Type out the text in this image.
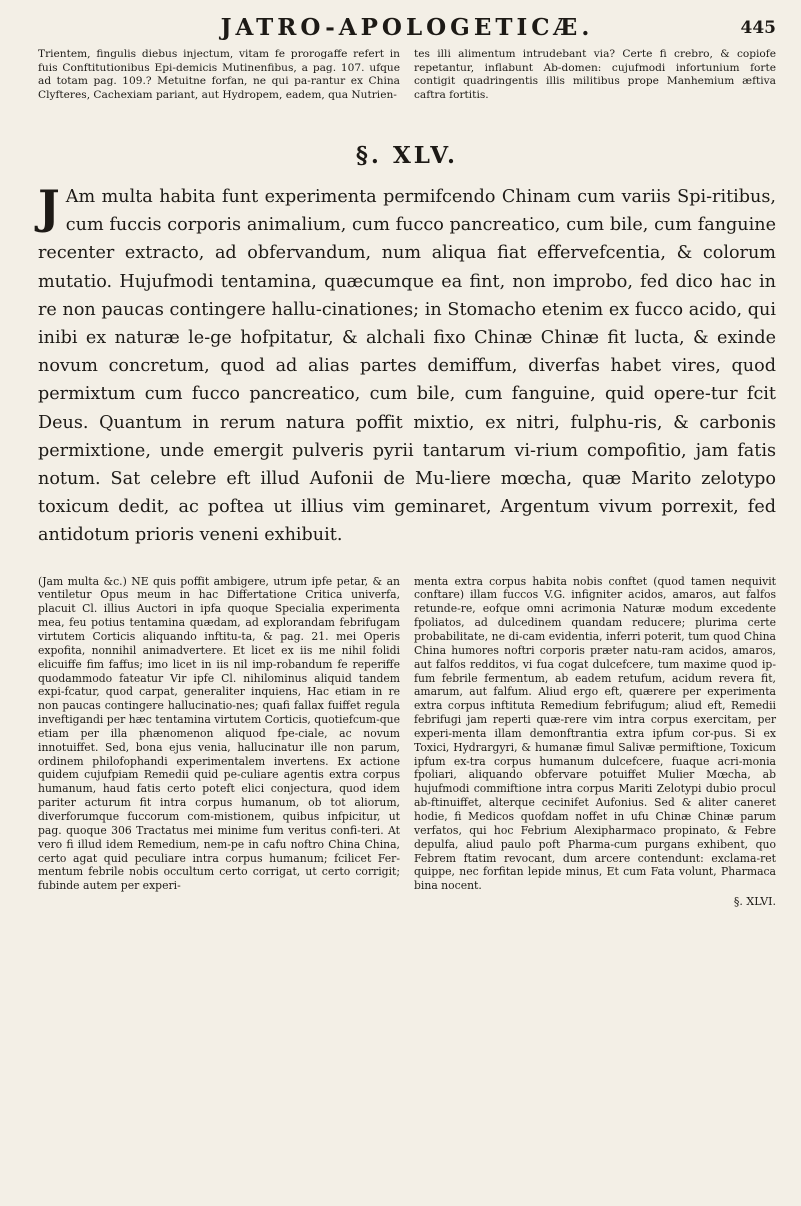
JATRO-APOLOGETICÆ.	445

Trientem, fingulis diebus injectum, vitam fe prorogaffe refert in fuis Conftitutionibus Epi-demicis Mutinenfibus, a pag. 107. ufque ad totam pag. 109.? Metuitne forfan, ne qui pa-rantur ex China Clyfteres, Cachexiam pariant, aut Hydropem, eadem, qua Nutrien-

tes illi alimentum intrudebant via? Certe fi crebro, & copiofe repetantur, inflabunt Ab-domen: cujufmodi infortunium forte contigit quadringentis illis militibus prope Manhemium æftiva caftra fortitis.

§. XLV.

J Am multa habita funt experimenta permifcendo Chinam cum variis Spi-ritibus, cum fuccis corporis animalium, cum fucco pancreatico, cum bile, cum fanguine recenter extracto, ad obfervandum, num aliqua fiat effervefcentia, & colorum mutatio. Hujufmodi tentamina, quæcumque ea fint, non improbo, fed dico hac in re non paucas contingere hallu-cinationes; in Stomacho etenim ex fucco acido, qui inibi ex naturæ le-ge hofpitatur, & alchali fixo Chinæ Chinæ fit lucta, & exinde novum concretum, quod ad alias partes demiffum, diverfas habet vires, quod permixtum cum fucco pancreatico, cum bile, cum fanguine, quid opere-tur fcit Deus. Quantum in rerum natura poffit mixtio, ex nitri, fulphu-ris, & carbonis permixtione, unde emergit pulveris pyrii tantarum vi-rium compofitio, jam fatis notum. Sat celebre eft illud Aufonii de Mu-liere mœcha, quæ Marito zelotypo toxicum dedit, ac poftea ut illius vim geminaret, Argentum vivum porrexit, fed antidotum prioris veneni exhibuit.

(Jam multa &c.) NE quis poffit ambigere, utrum ipfe petar, & an ventiletur Opus meum in hac Differtatione Critica univerfa, placuit Cl. illius Auctori in ipfa quoque Specialia experimenta mea, feu potius tentamina quædam, ad explorandam febrifugam virtutem Corticis aliquando inftitu-ta, & pag. 21. mei Operis expofita, nonnihil animadvertere. Et licet ex iis me nihil folidi elicuiffe fim faffus; imo licet in iis nil imp-robandum fe reperiffe quodammodo fateatur Vir ipfe Cl. nihilominus aliquid tandem expi-fcatur, quod carpat, generaliter inquiens, Hac etiam in re non paucas contingere hallucinatio-nes; quafi fallax fuiffet regula inveftigandi per hæc tentamina virtutem Corticis, quotiefcum-que etiam per illa phænomenon aliquod fpe-ciale, ac novum innotuiffet. Sed, bona ejus venia, hallucinatur ille non parum, ordinem philofophandi experimentalem invertens. Ex actione quidem cujufpiam Remedii quid pe-culiare agentis extra corpus humanum, haud fatis certo poteft elici conjectura, quod idem pariter acturum fit intra corpus humanum, ob tot aliorum, diverforumque fuccorum com-mistionem, quibus infpicitur, ut pag. quoque 306 Tractatus mei minime fum veritus confi-teri. At vero fi illud idem Remedium, nem-pe in cafu noftro China China, certo agat quid peculiare intra corpus humanum; fcilicet Fer-mentum febrile nobis occultum certo corrigat, ut certo corrigit; fubinde autem per experi-

menta extra corpus habita nobis conftet (quod tamen nequivit conftare) illam fuccos V.G. infigniter acidos, amaros, aut falfos retunde-re, eofque omni acrimonia Naturæ modum excedente fpoliatos, ad dulcedinem quandam reducere; plurima certe probabilitate, ne di-cam evidentia, inferri poterit, tum quod China China humores noftri corporis præter natu-ram acidos, amaros, aut falfos redditos, vi fua cogat dulcefcere, tum maxime quod ip-fum febrile fermentum, ab eadem retufum, acidum revera fit, amarum, aut falfum. Aliud ergo eft, quærere per experimenta extra corpus inftituta Remedium febrifugum; aliud eft, Remedii febrifugi jam reperti quæ-rere vim intra corpus exercitam, per experi-menta illam demonftrantia extra ipfum cor-pus. Si ex Toxici, Hydrargyri, & humanæ fimul Salivæ permiftione, Toxicum ipfum ex-tra corpus humanum dulcefcere, fuaque acri-monia fpoliari, aliquando obfervare potuiffet Mulier Mœcha, ab hujufmodi commiftione intra corpus Mariti Zelotypi dubio procul ab-ftinuiffet, alterque cecinifet Aufonius. Sed & aliter caneret hodie, fi Medicos quofdam noffet in ufu Chinæ Chinæ parum verfatos, qui hoc Febrium Alexipharmaco propinato, & Febre depulfa, aliud paulo poft Pharma-cum purgans exhibent, quo Febrem ftatim revocant, dum arcere contendunt: exclama-ret quippe, nec forfitan lepide minus, Et cum Fata volunt, Pharmaca bina nocent.

§. XLVI.
